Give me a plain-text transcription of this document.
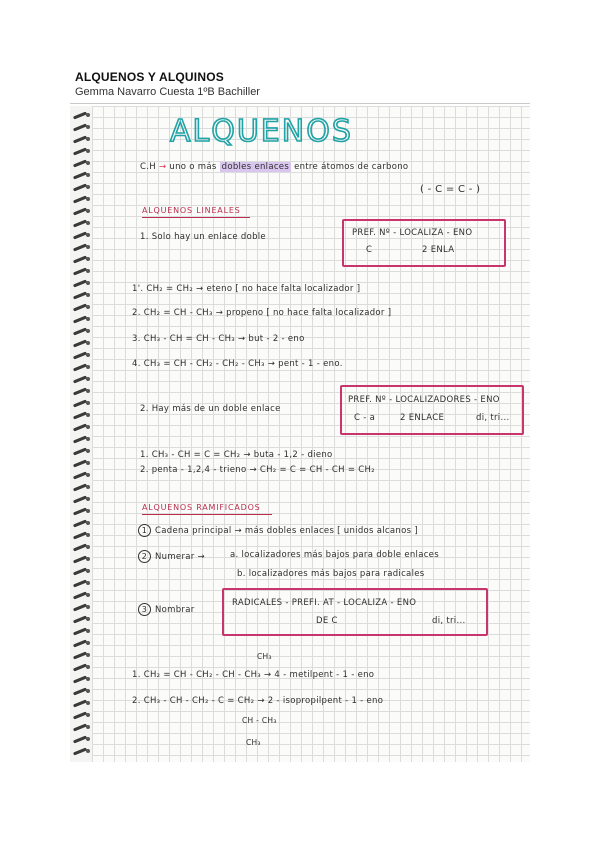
ALQUENOS Y ALQUINOS
Gemma Navarro Cuesta 1ºB Bachiller
ALQUENOS
C.H → uno o más dobles enlaces entre átomos de carbono
( - C = C - )
ALQUENOS LINEALES
1. Solo hay un enlace doble	PREF. Nº - LOCALIZA - ENO
C	2 ENLA
1'. CH₂ = CH₂ → eteno [ no hace falta localizador ]
2. CH₂ = CH - CH₃ → propeno [ no hace falta localizador ]
3. CH₃ - CH = CH - CH₃ → but - 2 - eno
4. CH₃ = CH - CH₂ - CH₂ - CH₃ → pent - 1 - eno.
2. Hay más de un doble enlace
PREF. Nº - LOCALIZADORES - ENO
C - a	2 ENLACE	di, tri...
1. CH₃ - CH = C = CH₂ → buta - 1,2 - dieno
2. penta - 1,2,4 - trieno → CH₂ = C = CH - CH = CH₂
ALQUENOS RAMIFICADOS
1 Cadena principal → más dobles enlaces [ unidos alcanos ]
2 Numerar →	a. localizadores más bajos para doble enlaces
b. localizadores más bajos para radicales
3 Nombrar
RADICALES - PREFI. AT - LOCALIZA - ENO
DE C	di, tri...
CH₃
1. CH₂ = CH - CH₂ - CH - CH₃ → 4 - metilpent - 1 - eno
2. CH₃ - CH - CH₂ - C = CH₂ → 2 - isopropilpent - 1 - eno
CH - CH₃
CH₃
